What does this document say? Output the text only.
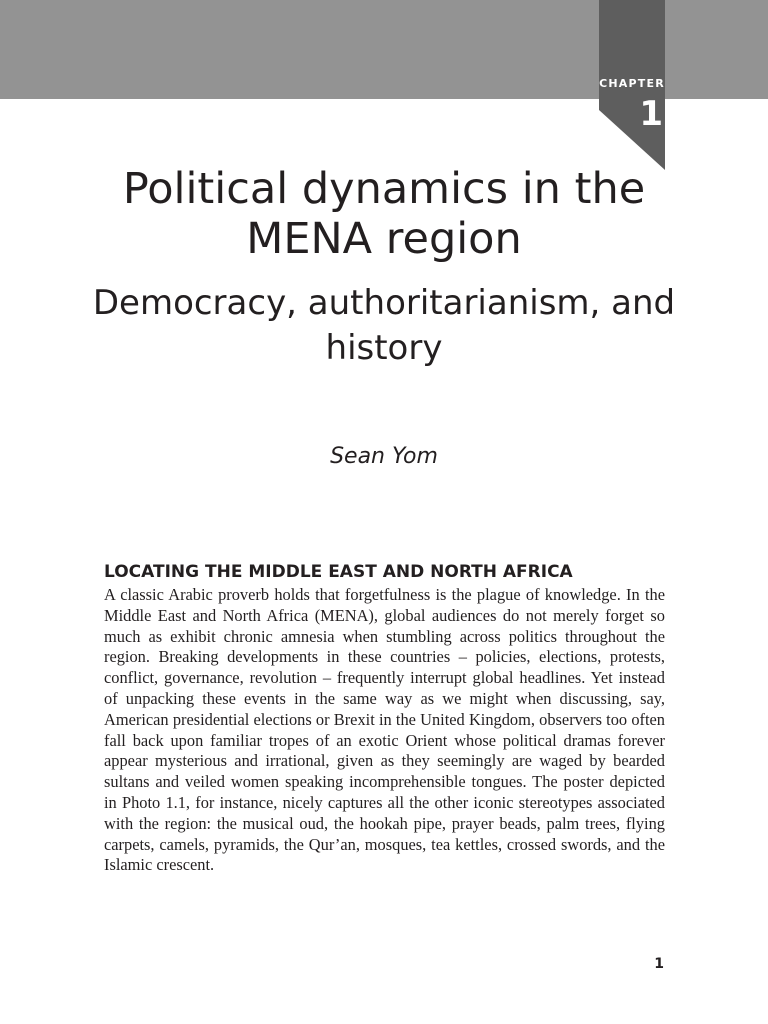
CHAPTER
1
Political dynamics in the MENA region
Democracy, authoritarianism, and history
Sean Yom
LOCATING THE MIDDLE EAST AND NORTH AFRICA

A classic Arabic proverb holds that forgetfulness is the plague of knowledge. In the Middle East and North Africa (MENA), global audiences do not merely forget so much as exhibit chronic amnesia when stumbling across politics throughout the region. Breaking developments in these countries – policies, elections, protests, conflict, governance, revolution – frequently interrupt global headlines. Yet instead of unpacking these events in the same way as we might when discussing, say, American presidential elections or Brexit in the United Kingdom, observers too often fall back upon familiar tropes of an exotic Orient whose political dramas forever appear mysterious and irrational, given as they seemingly are waged by bearded sultans and veiled women speaking incomprehensible tongues. The poster depicted in Photo 1.1, for instance, nicely captures all the other iconic stereotypes associated with the region: the musical oud, the hookah pipe, prayer beads, palm trees, flying carpets, camels, pyramids, the Qur’an, mosques, tea kettles, crossed swords, and the Islamic crescent.

1
